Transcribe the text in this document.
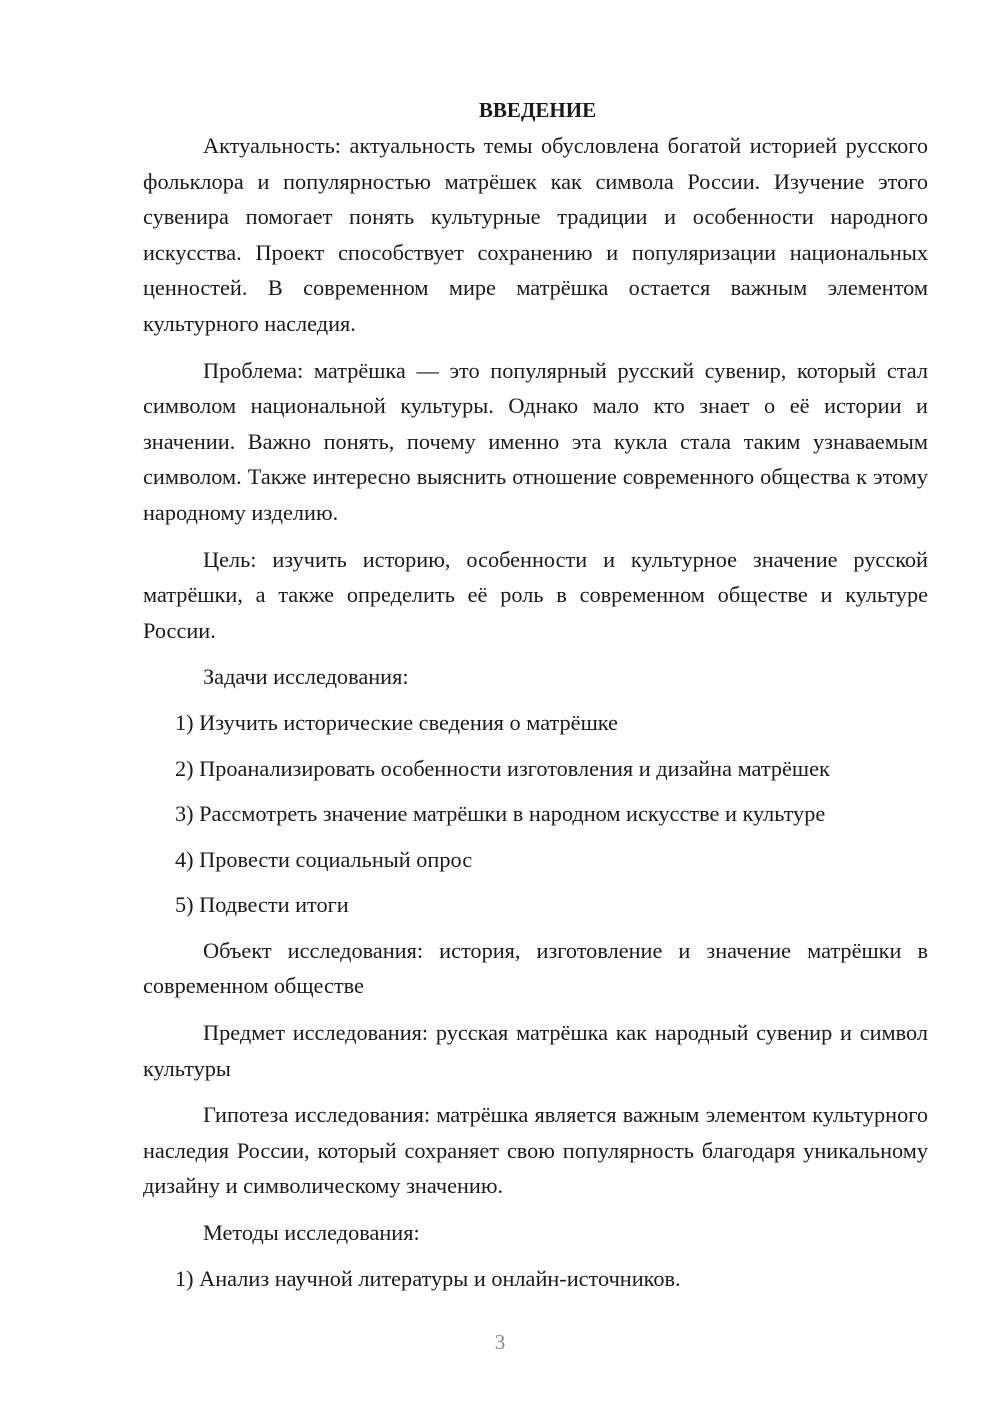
ВВЕДЕНИЕ

Актуальность: актуальность темы обусловлена богатой историей русского фольклора и популярностью матрёшек как символа России. Изучение этого сувенира помогает понять культурные традиции и особенности народного искусства. Проект способствует сохранению и популяризации национальных ценностей. В современном мире матрёшка остается важным элементом культурного наследия.

Проблема: матрёшка — это популярный русский сувенир, который стал символом национальной культуры. Однако мало кто знает о её истории и значении. Важно понять, почему именно эта кукла стала таким узнаваемым символом. Также интересно выяснить отношение современного общества к этому народному изделию.

Цель: изучить историю, особенности и культурное значение русской матрёшки, а также определить её роль в современном обществе и культуре России.

Задачи исследования:

1) Изучить исторические сведения о матрёшке

2) Проанализировать особенности изготовления и дизайна матрёшек

3) Рассмотреть значение матрёшки в народном искусстве и культуре

4) Провести социальный опрос

5) Подвести итоги

Объект исследования: история, изготовление и значение матрёшки в современном обществе

Предмет исследования: русская матрёшка как народный сувенир и символ культуры

Гипотеза исследования: матрёшка является важным элементом культурного наследия России, который сохраняет свою популярность благодаря уникальному дизайну и символическому значению.

Методы исследования:

1) Анализ научной литературы и онлайн-источников.

3
